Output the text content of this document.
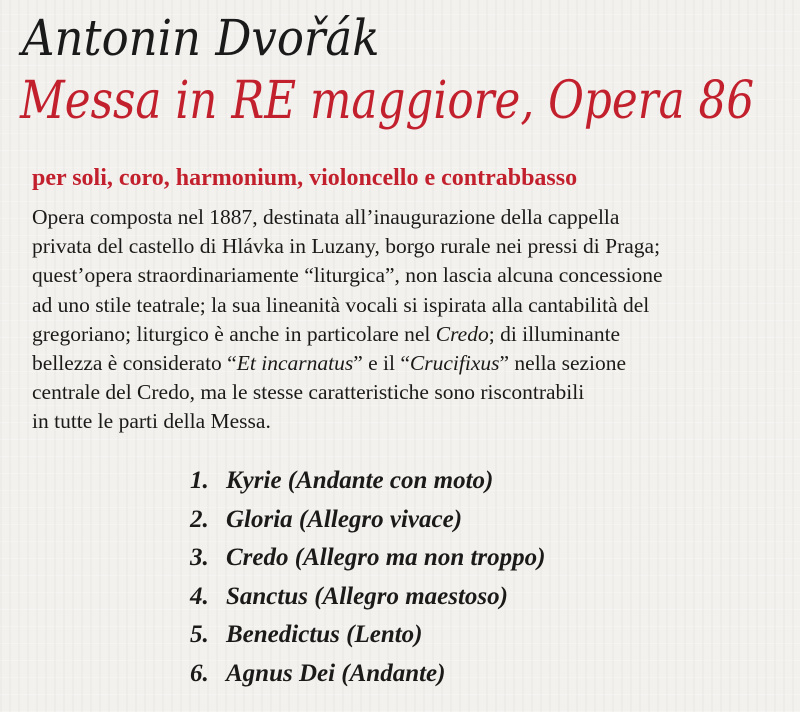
Antonin Dvořák
Messa in RE maggiore, Opera 86

per soli, coro, harmonium, violoncello e contrabbasso

Opera composta nel 1887, destinata all’inaugurazione della cappella
privata del castello di Hlávka in Luzany, borgo rurale nei pressi di Praga;
quest’opera straordinariamente “liturgica”, non lascia alcuna concessione
ad uno stile teatrale; la sua lineanità vocali si ispirata alla cantabilità del
gregoriano; liturgico è anche in particolare nel Credo; di illuminante
bellezza è considerato “Et incarnatus” e il “Crucifixus” nella sezione
centrale del Credo, ma le stesse caratteristiche sono riscontrabili
in tutte le parti della Messa.
1. Kyrie (Andante con moto)
2. Gloria (Allegro vivace)
3. Credo (Allegro ma non troppo)
4. Sanctus (Allegro maestoso)
5. Benedictus (Lento)
6. Agnus Dei (Andante)
